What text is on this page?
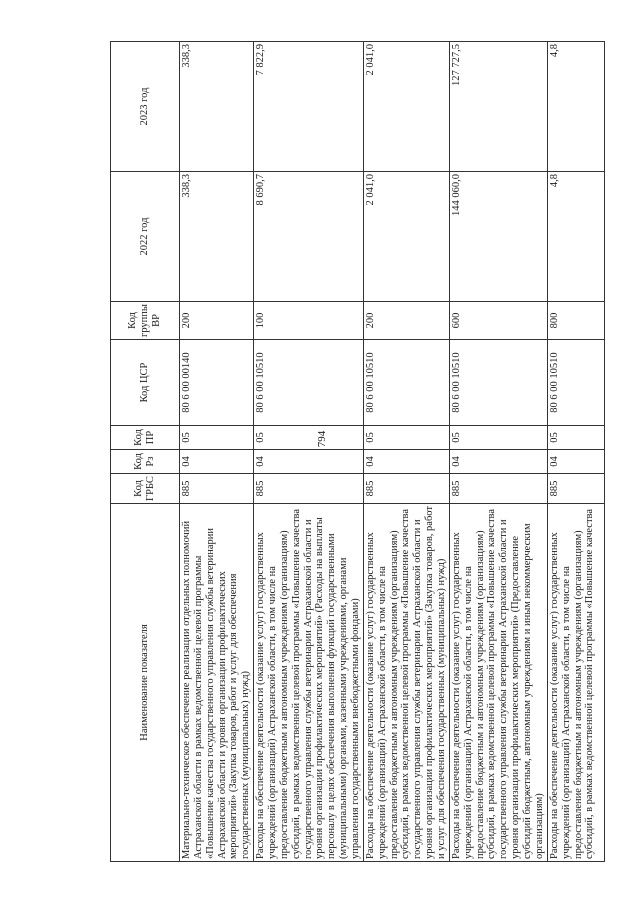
794
Наименование показателя	Код ГРБС	Код Рз	Код ПР	Код ЦСР	Код группы ВР	2022 год	2023 год
Материально-техническое обеспечение реализации отдельных полномочий Астраханской области в рамках ведомственной целевой программы «Повышение качества государственного управления службы ветеринарии Астраханской области и уровня организации профилактических мероприятий» (Закупка товаров, работ и услуг для обеспечения государственных (муниципальных) нужд)	885	04	05	80 6 00 00140	200	338,3	338,3
Расходы на обеспечение деятельности (оказание услуг) государственных учреждений (организаций) Астраханской области, в том числе на предоставление бюджетным и автономным учреждениям (организациям) субсидий, в рамках ведомственной целевой программы «Повышение качества государственного управления службы ветеринарии Астраханской области и уровня организации профилактических мероприятий» (Расходы на выплаты персоналу в целях обеспечения выполнения функций государственными (муниципальными) органами, казенными учреждениями, органами управления государственными внебюджетными фондами)	885	04	05	80 6 00 10510	100	8 690,7	7 822,9
Расходы на обеспечение деятельности (оказание услуг) государственных учреждений (организаций) Астраханской области, в том числе на предоставление бюджетным и автономным учреждениям (организациям) субсидий, в рамках ведомственной целевой программы «Повышение качества государственного управления службы ветеринарии Астраханской области и уровня организации профилактических мероприятий» (Закупка товаров, работ и услуг для обеспечения государственных (муниципальных) нужд)	885	04	05	80 6 00 10510	200	2 041,0	2 041,0
Расходы на обеспечение деятельности (оказание услуг) государственных учреждений (организаций) Астраханской области, в том числе на предоставление бюджетным и автономным учреждениям (организациям) субсидий, в рамках ведомственной целевой программы «Повышение качества государственного управления службы ветеринарии Астраханской области и уровня организации профилактических мероприятий» (Предоставление субсидий бюджетным, автономным учреждениям и иным некоммерческим организациям)	885	04	05	80 6 00 10510	600	144 060,0	127 727,5

Расходы на обеспечение деятельности (оказание услуг) государственных учреждений (организаций) Астраханской области, в том числе на предоставление бюджетным и автономным учреждениям (организациям) субсидий, в рамках ведомственной целевой программы «Повышение качества	885	04	05	80 6 00 10510	800	4,8	4,8
